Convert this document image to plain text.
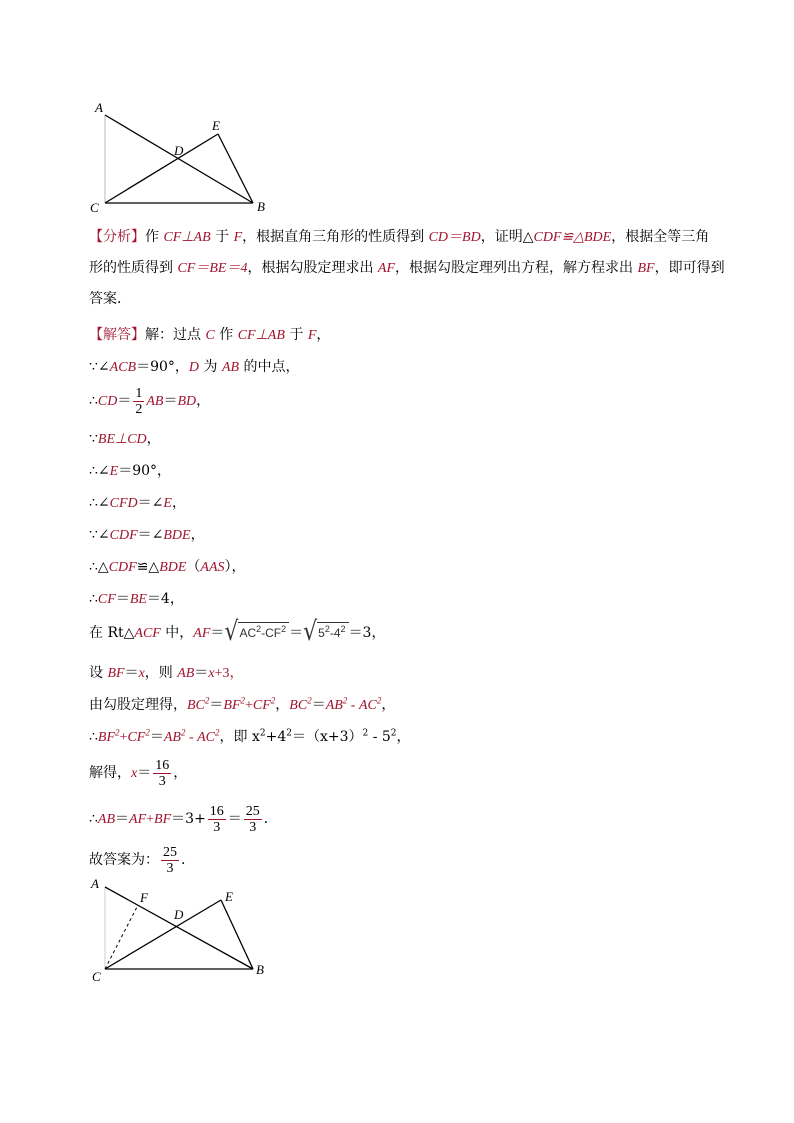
A
E
D
C	B
【分析】作 CF⊥AB 于 F，根据直角三角形的性质得到 CD＝BD，证明△CDF≌△BDE，根据全等三角
形的性质得到 CF＝BE＝4，根据勾股定理求出 AF，根据勾股定理列出方程，解方程求出 BF，即可得到
答案．
【解答】解：过点 C 作 CF⊥AB 于 F，
∵∠ACB＝90°，D 为 AB 的中点，
∴CD＝ $\frac{1}{2} AB=BD$，
∵BE⊥CD，
∴∠E＝90°，
∴∠CFD＝∠E，
∵∠CDF＝∠BDE，
∴△CDF≌△BDE（AAS），
∴CF＝BE＝4，
在 Rt△ACF 中，AF＝ √ $AC^2-CF^2$ ＝ √ $5^2-4^2 =3$，
设 BF＝x，则 AB＝x+3，
由勾股定理得，$BC^2=BF^2+CF^2$，$BC^2=AB^2 - AC^2$，
$\therefore BF^2+CF^2=AB^2 - AC^2$，即 $x^2+4^2=(x+3)^2 - 5^2$，
解得，$x= \frac{16}{3}$ ，
∴AB＝AF+BF＝3+ $\frac{16}{3} = \frac{25}{3}$ ．
故答案为： $\frac{25}{3}$ ．
A
F
D
E
C	B
